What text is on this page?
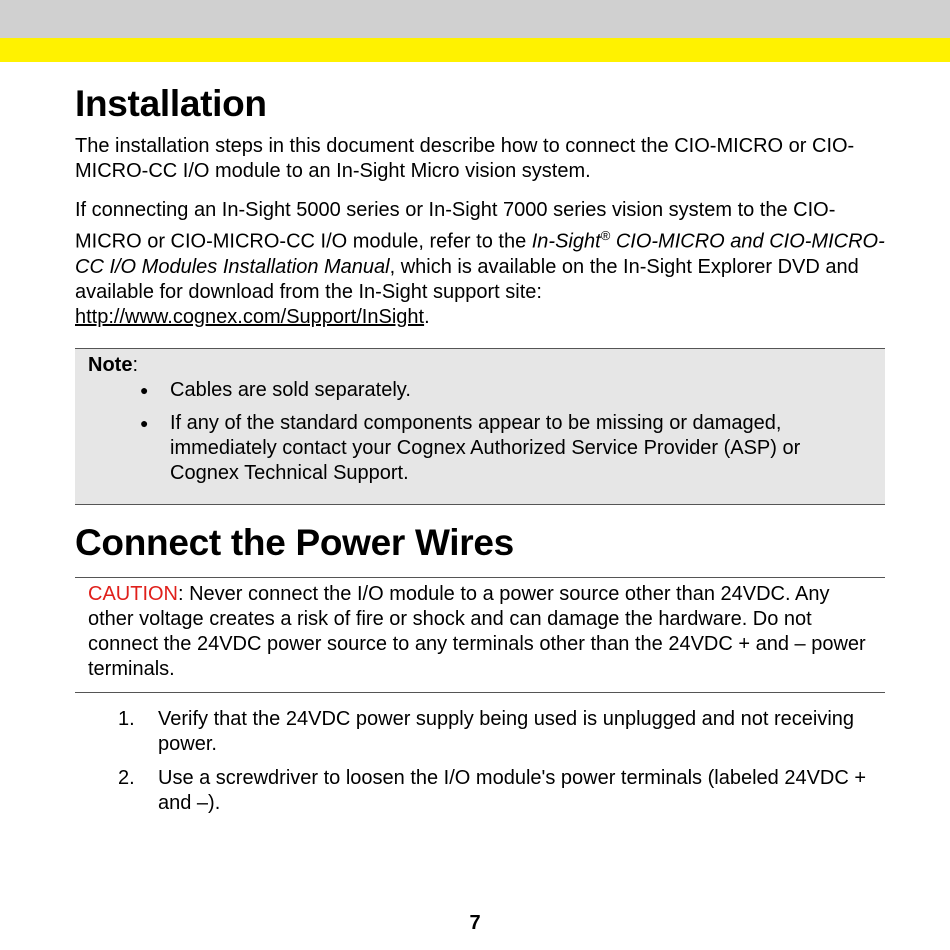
Installation

The installation steps in this document describe how to connect the CIO-MICRO or CIO-MICRO-CC I/O module to an In-Sight Micro vision system.

If connecting an In-Sight 5000 series or In-Sight 7000 series vision system to the CIO-MICRO or CIO-MICRO-CC I/O module, refer to the In-Sight® CIO-MICRO and CIO-MICRO-CC I/O Modules Installation Manual, which is available on the In-Sight Explorer DVD and available for download from the In-Sight support site: http://www.cognex.com/Support/InSight.

Note:
● Cables are sold separately.
● If any of the standard components appear to be missing or damaged, immediately contact your Cognex Authorized Service Provider (ASP) or Cognex Technical Support.
Connect the Power Wires
CAUTION: Never connect the I/O module to a power source other than 24VDC. Any other voltage creates a risk of fire or shock and can damage the hardware. Do not connect the 24VDC power source to any terminals other than the 24VDC + and – power terminals.
1. Verify that the 24VDC power supply being used is unplugged and not receiving power.
2. Use a screwdriver to loosen the I/O module's power terminals (labeled 24VDC + and –).
7
